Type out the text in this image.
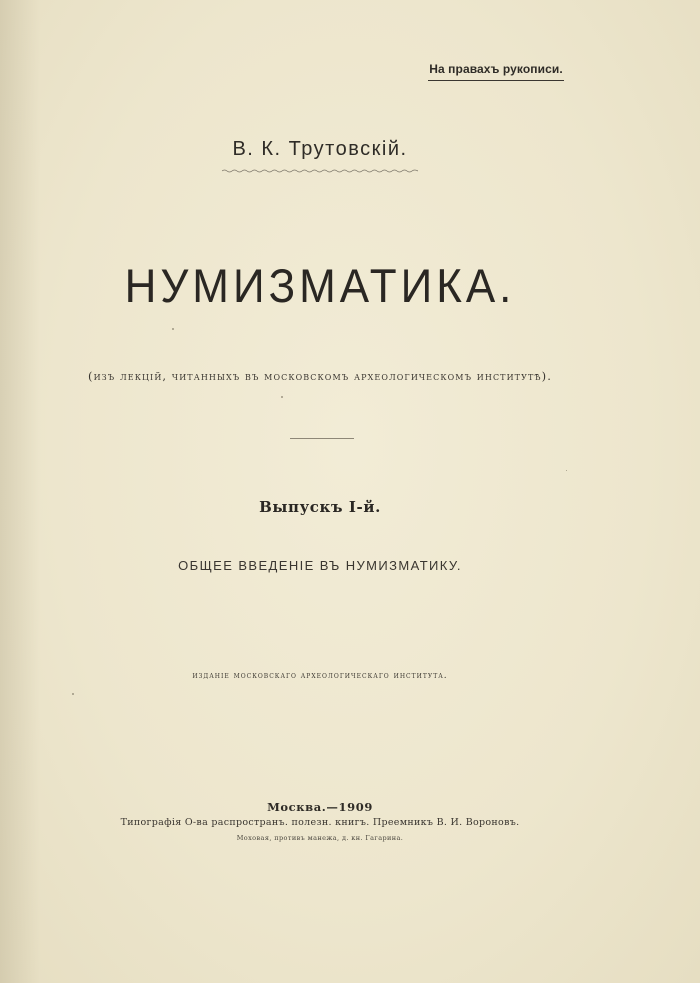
На правахъ рукописи.
В. К. Трутовскій.
НУМИЗМАТИКА.
(изъ лекцій, читанныхъ въ московскомъ археологическомъ институтѣ).
Выпускъ I-й.
ОБЩЕЕ ВВЕДЕНІЕ ВЪ НУМИЗМАТИКУ.
изданіе московскаго археологическаго института.
Москва.—1909
Типографія О-ва распространъ. полезн. книгъ. Преемникъ В. И. Вороновъ.
Моховая, противъ манежа, д. кн. Гагарина.
